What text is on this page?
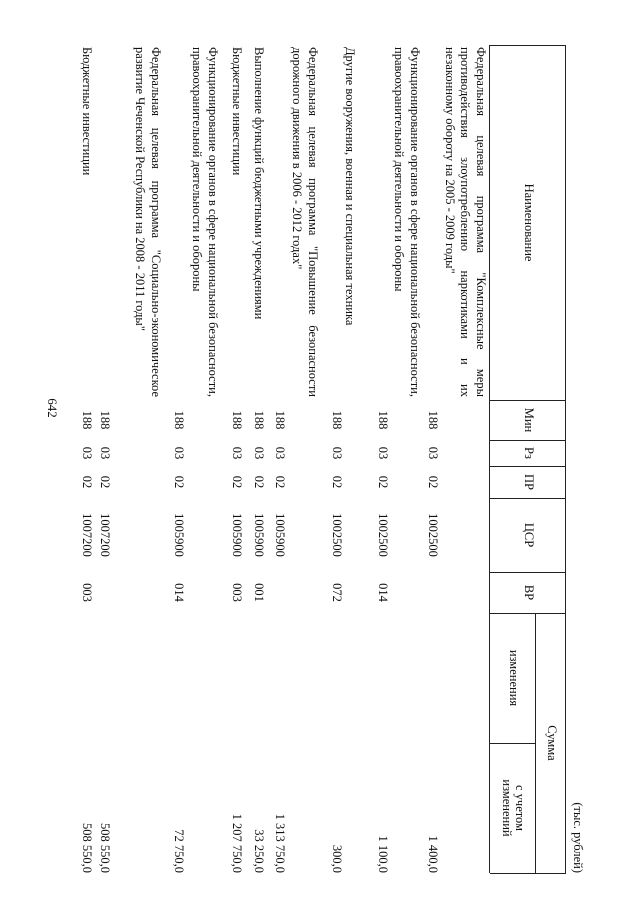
642
(тыс. рублей)
Наименование
Мин
Рз
ПР
ЦСР
ВР
Сумма
изменения
с учетом изменений
Федеральная целевая программа "Комплексные меры противодействия злоупотреблению наркотиками и их незаконному обороту на 2005 - 2009 годы"
188
03
02
1002500
1 400,0
Функционирование органов в сфере национальной безопасности, правоохранительной деятельности и обороны
188
03
02
1002500
014
1 100,0
Другие вооружения, военная и специальная техника
188
03
02
1002500
072
300,0
Федеральная целевая программа "Повышение безопасности дорожного движения в 2006 - 2012 годах"
188
03
02
1005900
1 313 750,0
Выполнение функций бюджетными учреждениями
188
03
02
1005900
001
33 250,0
Бюджетные инвестиции
188
03
02
1005900
003
1 207 750,0
Функционирование органов в сфере национальной безопасности, правоохранительной деятельности и обороны
188
03
02
1005900
014
72 750,0
Федеральная целевая программа "Социально-экономическое развитие Чеченской Республики на 2008 - 2011 годы"
188
03
02
1007200
508 550,0
Бюджетные инвестиции
188
03
02
1007200
003
508 550,0
